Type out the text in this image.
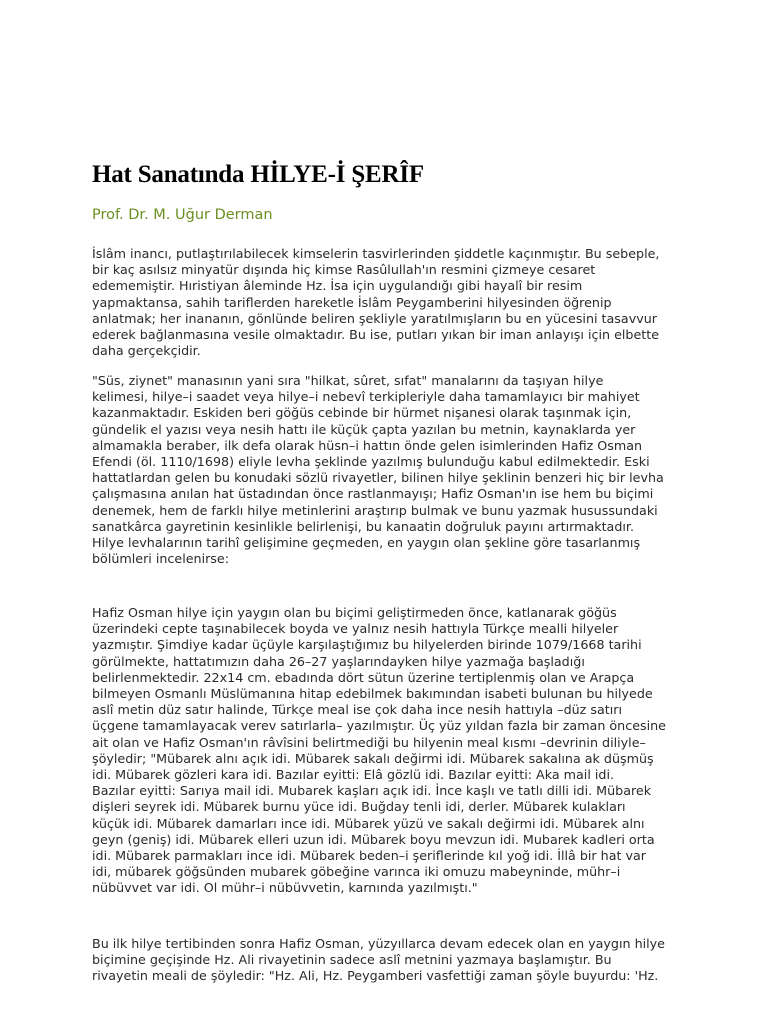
Hat Sanatında HİLYE-İ ŞERÎF

Prof. Dr. M. Uğur Derman

İslâm inancı, putlaştırılabilecek kimselerin tasvirlerinden şiddetle kaçınmıştır. Bu sebeple,
bir kaç asılsız minyatür dışında hiç kimse Rasûlullah'ın resmini çizmeye cesaret
edememiştir. Hıristiyan âleminde Hz. İsa için uygulandığı gibi hayalî bir resim
yapmaktansa, sahih tariflerden hareketle İslâm Peygamberini hilyesinden öğrenip
anlatmak; her inananın, gönlünde beliren şekliyle yaratılmışların bu en yücesini tasavvur
ederek bağlanmasına vesile olmaktadır. Bu ise, putları yıkan bir iman anlayışı için elbette
daha gerçekçidir.

"Süs, ziynet" manasının yani sıra "hilkat, sûret, sıfat" manalarını da taşıyan hilye
kelimesi, hilye–i saadet veya hilye–i nebevî terkipleriyle daha tamamlayıcı bir mahiyet
kazanmaktadır. Eskiden beri göğüs cebinde bir hürmet nişanesi olarak taşınmak için,
gündelik el yazısı veya nesih hattı ile küçük çapta yazılan bu metnin, kaynaklarda yer
almamakla beraber, ilk defa olarak hüsn–i hattın önde gelen isimlerinden Hafiz Osman
Efendi (öl. 1110/1698) eliyle levha şeklinde yazılmış bulunduğu kabul edilmektedir. Eski
hattatlardan gelen bu konudaki sözlü rivayetler, bilinen hilye şeklinin benzeri hiç bir levha
çalışmasına anılan hat üstadından önce rastlanmayışı; Hafiz Osman'ın ise hem bu biçimi
denemek, hem de farklı hilye metinlerini araştırıp bulmak ve bunu yazmak husussundaki
sanatkârca gayretinin kesinlikle belirlenişi, bu kanaatin doğruluk payını artırmaktadır.
Hilye levhalarının tarihî gelişimine geçmeden, en yaygın olan şekline göre tasarlanmış
bölümleri incelenirse:

Hafiz Osman hilye için yaygın olan bu biçimi geliştirmeden önce, katlanarak göğüs
üzerindeki cepte taşınabilecek boyda ve yalnız nesih hattıyla Türkçe mealli hilyeler
yazmıştır. Şimdiye kadar üçüyle karşılaştığımız bu hilyelerden birinde 1079/1668 tarihi
görülmekte, hattatımızın daha 26–27 yaşlarındayken hilye yazmağa başladığı
belirlenmektedir. 22x14 cm. ebadında dört sütun üzerine tertiplenmiş olan ve Arapça
bilmeyen Osmanlı Müslümanına hitap edebilmek bakımından isabeti bulunan bu hilyede
aslî metin düz satır halinde, Türkçe meal ise çok daha ince nesih hattıyla –düz satırı
üçgene tamamlayacak verev satırlarla– yazılmıştır. Üç yüz yıldan fazla bir zaman öncesine
ait olan ve Hafiz Osman'ın râvîsini belirtmediği bu hilyenin meal kısmı –devrinin diliyle–
şöyledir; "Mübarek alnı açık idi. Mübarek sakalı değirmi idi. Mübarek sakalına ak düşmüş
idi. Mübarek gözleri kara idi. Bazılar eyitti: Elâ gözlü idi. Bazılar eyitti: Aka mail idi.
Bazılar eyitti: Sarıya mail idi. Mubarek kaşları açık idi. İnce kaşlı ve tatlı dilli idi. Mübarek
dişleri seyrek idi. Mübarek burnu yüce idi. Buğday tenli idi, derler. Mübarek kulakları
küçük idi. Mübarek damarları ince idi. Mübarek yüzü ve sakalı değirmi idi. Mübarek alnı
geyn (geniş) idi. Mübarek elleri uzun idi. Mübarek boyu mevzun idi. Mubarek kadleri orta
idi. Mübarek parmakları ince idi. Mübarek beden–i şeriflerinde kıl yoğ idi. İllâ bir hat var
idi, mübarek göğsünden mubarek göbeğine varınca iki omuzu mabeyninde, mühr–i
nübüvvet var idi. Ol mühr–i nübüvvetin, karnında yazılmıştı."

Bu ilk hilye tertibinden sonra Hafiz Osman, yüzyıllarca devam edecek olan en yaygın hilye
biçimine geçişinde Hz. Ali rivayetinin sadece aslî metnini yazmaya başlamıştır. Bu
rivayetin meali de şöyledir: "Hz. Ali, Hz. Peygamberi vasfettiği zaman şöyle buyurdu: 'Hz.
